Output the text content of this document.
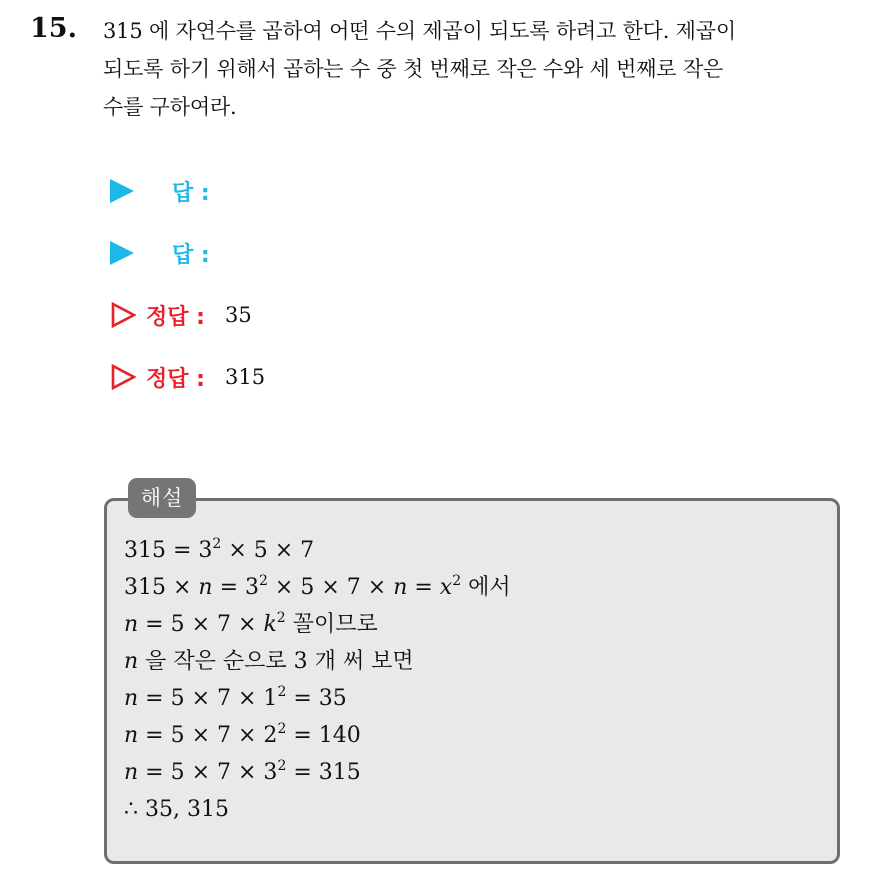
15. 315 에 자연수를 곱하여 어떤 수의 제곱이 되도록 하려고 한다. 제곱이
되도록 하기 위해서 곱하는 수 중 첫 번째로 작은 수와 세 번째로 작은
수를 구하여라.
답 :
답 :
정답 : 35
정답 : 315
해설
$315 = 3^2 \times 5 \times 7$
$315 \times n = 3^2 \times 5 \times 7 \times n = x^2$ 에서
$n = 5 \times 7 \times k^2$ 꼴이므로
n 을 작은 순으로 3 개 써 보면
$n = 5 \times 7 \times 1^2 = 35$
$n = 5 \times 7 \times 2^2 = 140$
$n = 5 \times 7 \times 3^2 = 315$
∴ 35, 315
